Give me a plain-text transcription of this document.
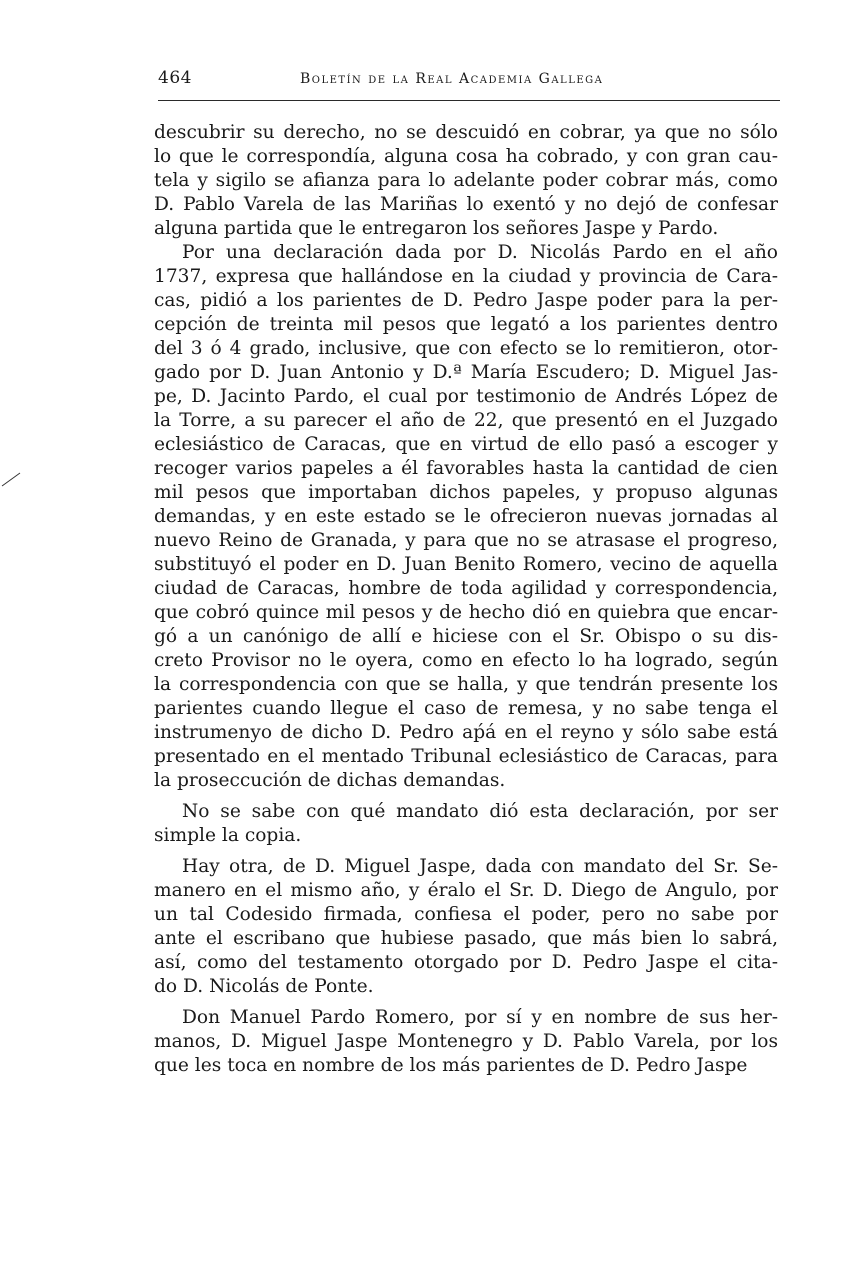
464	Boletín de la Real Academia Gallega
descubrir su derecho, no se descuidó en cobrar, ya que no sólo
lo que le correspondía, alguna cosa ha cobrado, y con gran cau-
tela y sigilo se afianza para lo adelante poder cobrar más, como
D. Pablo Varela de las Mariñas lo exentó y no dejó de confesar
alguna partida que le entregaron los señores Jaspe y Pardo.
Por una declaración dada por D. Nicolás Pardo en el año
1737, expresa que hallándose en la ciudad y provincia de Cara-
cas, pidió a los parientes de D. Pedro Jaspe poder para la per-
cepción de treinta mil pesos que legató a los parientes dentro
del 3 ó 4 grado, inclusive, que con efecto se lo remitieron, otor-
gado por D. Juan Antonio y D.ª María Escudero; D. Miguel Jas-
pe, D. Jacinto Pardo, el cual por testimonio de Andrés López de
la Torre, a su parecer el año de 22, que presentó en el Juzgado
eclesiástico de Caracas, que en virtud de ello pasó a escoger y
recoger varios papeles a él favorables hasta la cantidad de cien
mil pesos que importaban dichos papeles, y propuso algunas
demandas, y en este estado se le ofrecieron nuevas jornadas al
nuevo Reino de Granada, y para que no se atrasase el progreso,
substituyó el poder en D. Juan Benito Romero, vecino de aquella
ciudad de Caracas, hombre de toda agilidad y correspondencia,
que cobró quince mil pesos y de hecho dió en quiebra que encar-
gó a un canónigo de allí e hiciese con el Sr. Obispo o su dis-
creto Provisor no le oyera, como en efecto lo ha logrado, según
la correspondencia con que se halla, y que tendrán presente los
parientes cuando llegue el caso de remesa, y no sabe tenga el
instrumenyo de dicho D. Pedro aṕá en el reyno y sólo sabe está
presentado en el mentado Tribunal eclesiástico de Caracas, para
la proseccución de dichas demandas.
No se sabe con qué mandato dió esta declaración, por ser
simple la copia.
Hay otra, de D. Miguel Jaspe, dada con mandato del Sr. Se-
manero en el mismo año, y éralo el Sr. D. Diego de Angulo, por
un tal Codesido firmada, confiesa el poder, pero no sabe por
ante el escribano que hubiese pasado, que más bien lo sabrá,
así, como del testamento otorgado por D. Pedro Jaspe el cita-
do D. Nicolás de Ponte.
Don Manuel Pardo Romero, por sí y en nombre de sus her-
manos, D. Miguel Jaspe Montenegro y D. Pablo Varela, por los
que les toca en nombre de los más parientes de D. Pedro Jaspe
